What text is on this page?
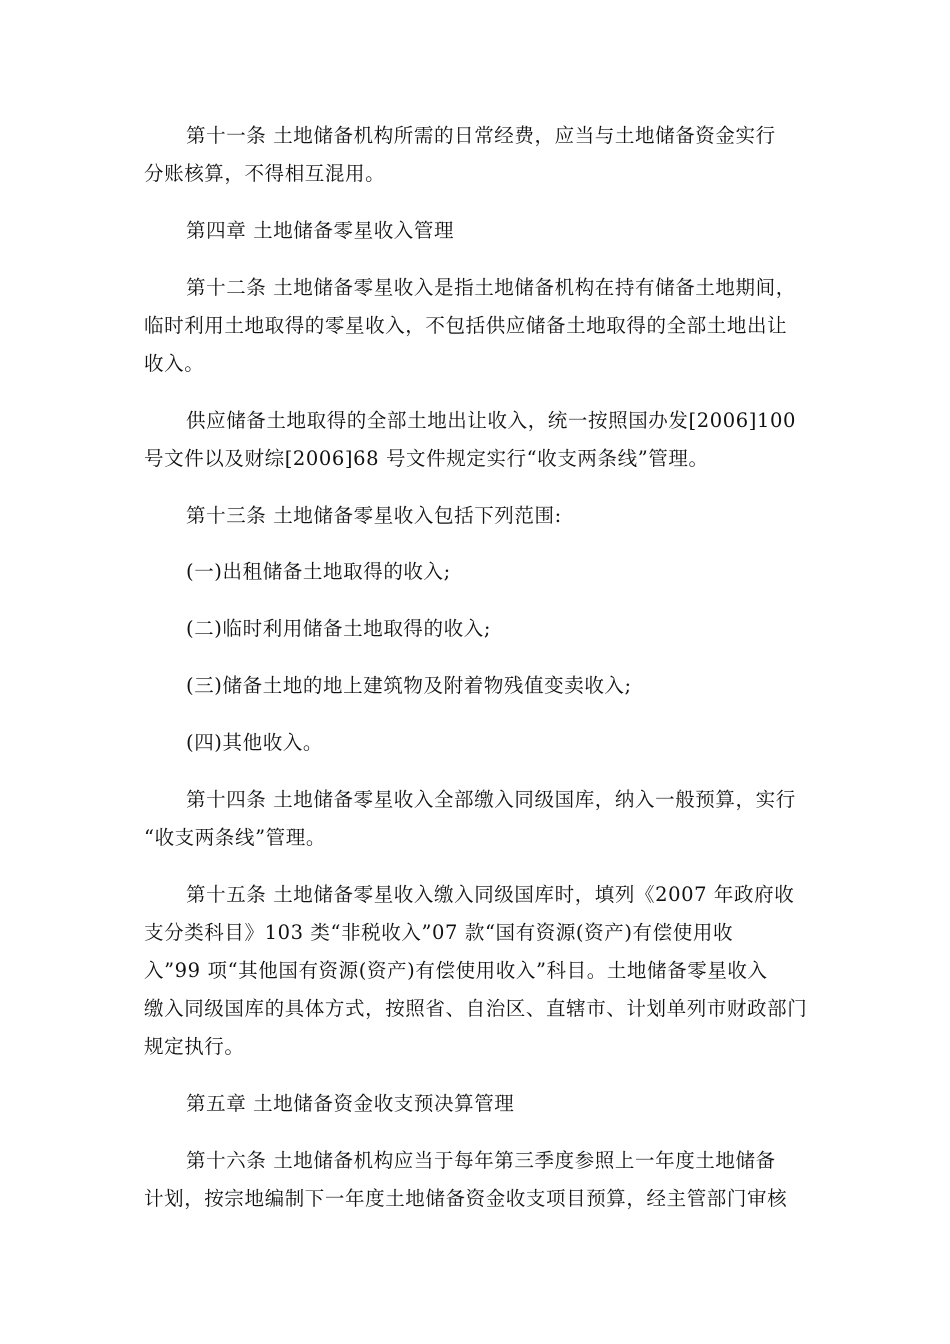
第十一条 土地储备机构所需的日常经费，应当与土地储备资金实行
分账核算，不得相互混用。
第四章 土地储备零星收入管理
第十二条 土地储备零星收入是指土地储备机构在持有储备土地期间，
临时利用土地取得的零星收入，不包括供应储备土地取得的全部土地出让
收入。
供应储备土地取得的全部土地出让收入，统一按照国办发[2006]100
号文件以及财综[2006]68 号文件规定实行“收支两条线”管理。
第十三条 土地储备零星收入包括下列范围:
(一)出租储备土地取得的收入;
(二)临时利用储备土地取得的收入;
(三)储备土地的地上建筑物及附着物残值变卖收入;
(四)其他收入。
第十四条 土地储备零星收入全部缴入同级国库，纳入一般预算，实行
“收支两条线”管理。
第十五条 土地储备零星收入缴入同级国库时，填列《2007 年政府收
支分类科目》103 类“非税收入”07 款“国有资源(资产)有偿使用收
入”99 项“其他国有资源(资产)有偿使用收入”科目。土地储备零星收入
缴入同级国库的具体方式，按照省、自治区、直辖市、计划单列市财政部门
规定执行。
第五章 土地储备资金收支预决算管理
第十六条 土地储备机构应当于每年第三季度参照上一年度土地储备
计划，按宗地编制下一年度土地储备资金收支项目预算，经主管部门审核
